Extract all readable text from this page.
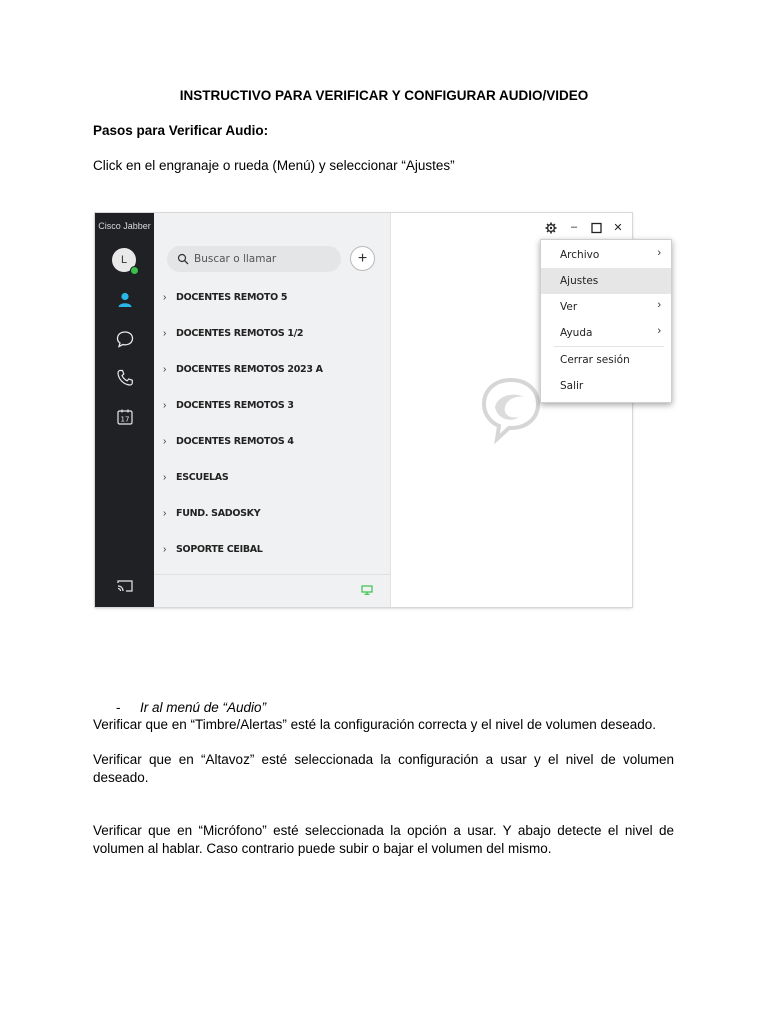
INSTRUCTIVO PARA VERIFICAR Y CONFIGURAR AUDIO/VIDEO
Pasos para Verificar Audio:
Click en el engranaje o rueda (Menú) y seleccionar “Ajustes”
Cisco Jabber
L
17
Buscar o llamar	+
› DOCENTES REMOTO 5
› DOCENTES REMOTOS 1/2
› DOCENTES REMOTOS 2023 A
› DOCENTES REMOTOS 3
› DOCENTES REMOTOS 4
› ESCUELAS
› FUND. SADOSKY
› SOPORTE CEIBAL
–	✕
Archivo	›
Ajustes
Ver	›
Ayuda	›
Cerrar sesión
Salir
- Ir al menú de “Audio”
Verificar que en “Timbre/Alertas” esté la configuración correcta y el nivel de volumen deseado.
Verificar que en “Altavoz” esté seleccionada la configuración a usar y el nivel de volumen deseado.
Verificar que en “Micrófono” esté seleccionada la opción a usar. Y abajo detecte el nivel de volumen al hablar. Caso contrario puede subir o bajar el volumen del mismo.
